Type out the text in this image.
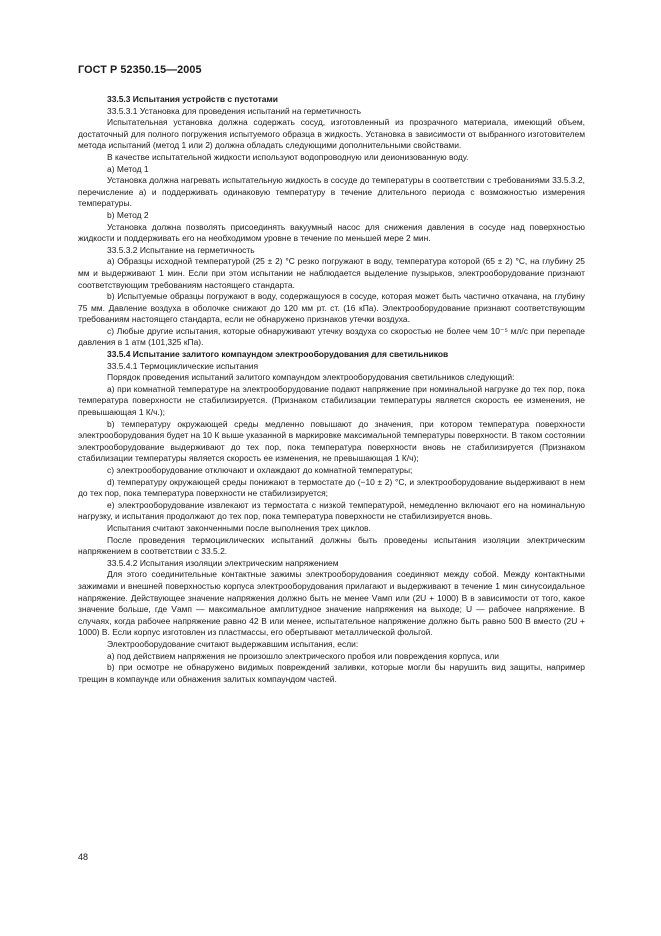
ГОСТ Р 52350.15—2005

33.5.3 Испытания устройств с пустотами

33.5.3.1 Установка для проведения испытаний на герметичность

Испытательная установка должна содержать сосуд, изготовленный из прозрачного материала, имеющий объем, достаточный для полного погружения испытуемого образца в жидкость. Установка в зависимости от выбранного изготовителем метода испытаний (метод 1 или 2) должна обладать следующими дополнительными свойствами.

В качестве испытательной жидкости используют водопроводную или деионизованную воду.

а) Метод 1

Установка должна нагревать испытательную жидкость в сосуде до температуры в соответствии с требованиями 33.5.3.2, перечисление а) и поддерживать одинаковую температуру в течение длительного периода с возможностью измерения температуры.

b) Метод 2

Установка должна позволять присоединять вакуумный насос для снижения давления в сосуде над поверхностью жидкости и поддерживать его на необходимом уровне в течение по меньшей мере 2 мин.

33.5.3.2 Испытание на герметичность

а) Образцы исходной температурой (25 ± 2) °С резко погружают в воду, температура которой (65 ± 2) °С, на глубину 25 мм и выдерживают 1 мин. Если при этом испытании не наблюдается выделение пузырьков, электрооборудование признают соответствующим требованиям настоящего стандарта.

b) Испытуемые образцы погружают в воду, содержащуюся в сосуде, которая может быть частично откачана, на глубину 75 мм. Давление воздуха в оболочке снижают до 120 мм рт. ст. (16 кПа). Электрооборудование признают соответствующим требованиям настоящего стандарта, если не обнаружено признаков утечки воздуха.

с) Любые другие испытания, которые обнаруживают утечку воздуха со скоростью не более чем 10⁻⁵ мл/с при перепаде давления в 1 атм (101,325 кПа).

33.5.4 Испытание залитого компаундом электрооборудования для светильников

33.5.4.1 Термоциклические испытания

Порядок проведения испытаний залитого компаундом электрооборудования светильников следующий:

а) при комнатной температуре на электрооборудование подают напряжение при номинальной нагрузке до тех пор, пока температура поверхности не стабилизируется. (Признаком стабилизации температуры является скорость ее изменения, не превышающая 1 К/ч.);

b) температуру окружающей среды медленно повышают до значения, при котором температура поверхности электрооборудования будет на 10 К выше указанной в маркировке максимальной температуры поверхности. В таком состоянии электрооборудование выдерживают до тех пор, пока температура поверхности вновь не стабилизируется (Признаком стабилизации температуры является скорость ее изменения, не превышающая 1 К/ч);

с) электрооборудование отключают и охлаждают до комнатной температуры;

d) температуру окружающей среды понижают в термостате до (−10 ± 2) °С, и электрооборудование выдерживают в нем до тех пор, пока температура поверхности не стабилизируется;

е) электрооборудование извлекают из термостата с низкой температурой, немедленно включают его на номинальную нагрузку, и испытания продолжают до тех пор, пока температура поверхности не стабилизируется вновь.

Испытания считают законченными после выполнения трех циклов.

После проведения термоциклических испытаний должны быть проведены испытания изоляции электрическим напряжением в соответствии с 33.5.2.

33.5.4.2 Испытания изоляции электрическим напряжением

Для этого соединительные контактные зажимы электрооборудования соединяют между собой. Между контактными зажимами и внешней поверхностью корпуса электрооборудования прилагают и выдерживают в течение 1 мин синусоидальное напряжение. Действующее значение напряжения должно быть не менее Vамп или (2U + 1000) В в зависимости от того, какое значение больше, где Vамп — максимальное амплитудное значение напряжения на выходе; U — рабочее напряжение. В случаях, когда рабочее напряжение равно 42 В или менее, испытательное напряжение должно быть равно 500 В вместо (2U + 1000) В. Если корпус изготовлен из пластмассы, его обертывают металлической фольгой.

Электрооборудование считают выдержавшим испытания, если:

а) под действием напряжения не произошло электрического пробоя или повреждения корпуса, или

b) при осмотре не обнаружено видимых повреждений заливки, которые могли бы нарушить вид защиты, например трещин в компаунде или обнажения залитых компаундом частей.

48
